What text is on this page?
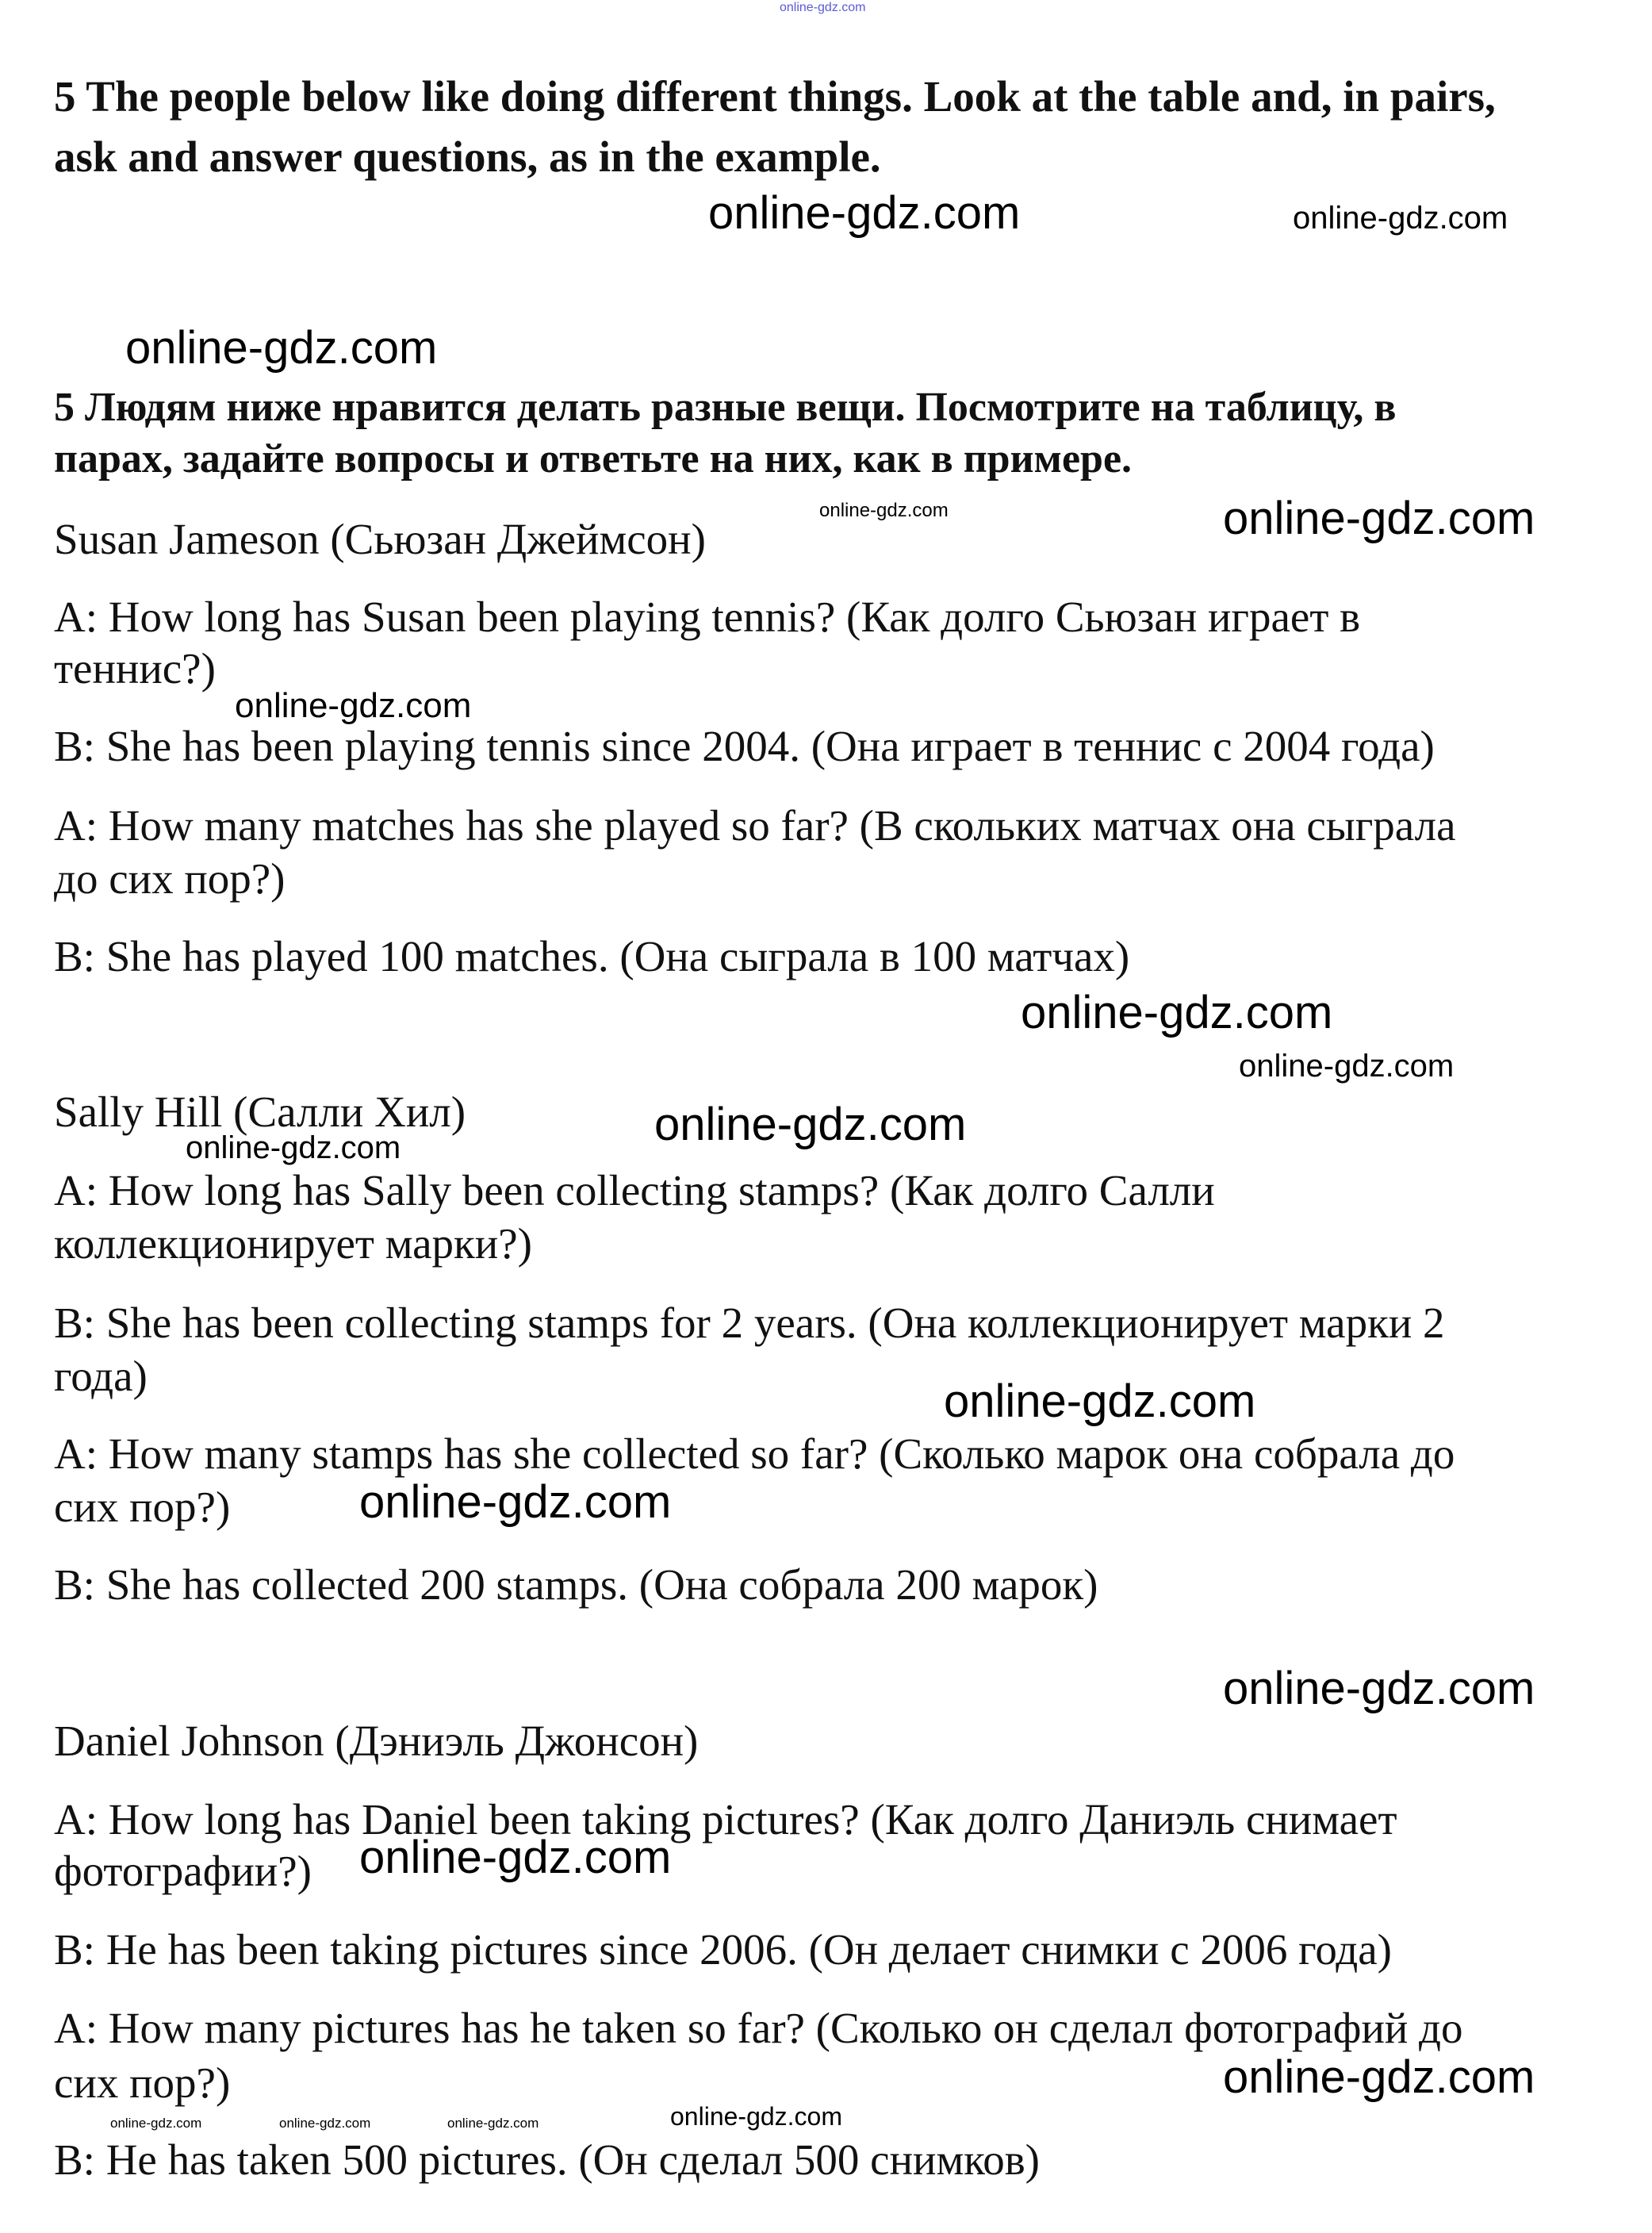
5 The people below like doing different things. Look at the table and, in pairs,
ask and answer questions, as in the example.
5 Людям ниже нравится делать разные вещи. Посмотрите на таблицу, в
парах, задайте вопросы и ответьте на них, как в примере.
Susan Jameson (Сьюзан Джеймсон)
A: How long has Susan been playing tennis? (Как долго Сьюзан играет в
теннис?)
B: She has been playing tennis since 2004. (Она играет в теннис с 2004 года)
A: How many matches has she played so far? (В скольких матчах она сыграла
до сих пор?)
B: She has played 100 matches. (Она сыграла в 100 матчах)
Sally Hill (Салли Хил)
A: How long has Sally been collecting stamps? (Как долго Салли
коллекционирует марки?)
B: She has been collecting stamps for 2 years. (Она коллекционирует марки 2
года)
A: How many stamps has she collected so far? (Сколько марок она собрала до
сих пор?)
B: She has collected 200 stamps. (Она собрала 200 марок)
Daniel Johnson (Дэниэль Джонсон)
A: How long has Daniel been taking pictures? (Как долго Даниэль снимает
фотографии?)
B: He has been taking pictures since 2006. (Он делает снимки с 2006 года)
A: How many pictures has he taken so far? (Сколько он сделал фотографий до
сих пор?)
B: He has taken 500 pictures. (Он сделал 500 снимков)
online-gdz.com
online-gdz.com	online-gdz.com
online-gdz.com
online-gdz.com	online-gdz.com
online-gdz.com
online-gdz.com
online-gdz.com
online-gdz.com
online-gdz.com
online-gdz.com
online-gdz.com
online-gdz.com
online-gdz.com
online-gdz.com
online-gdz.com	online-gdz.com	online-gdz.com	online-gdz.com
